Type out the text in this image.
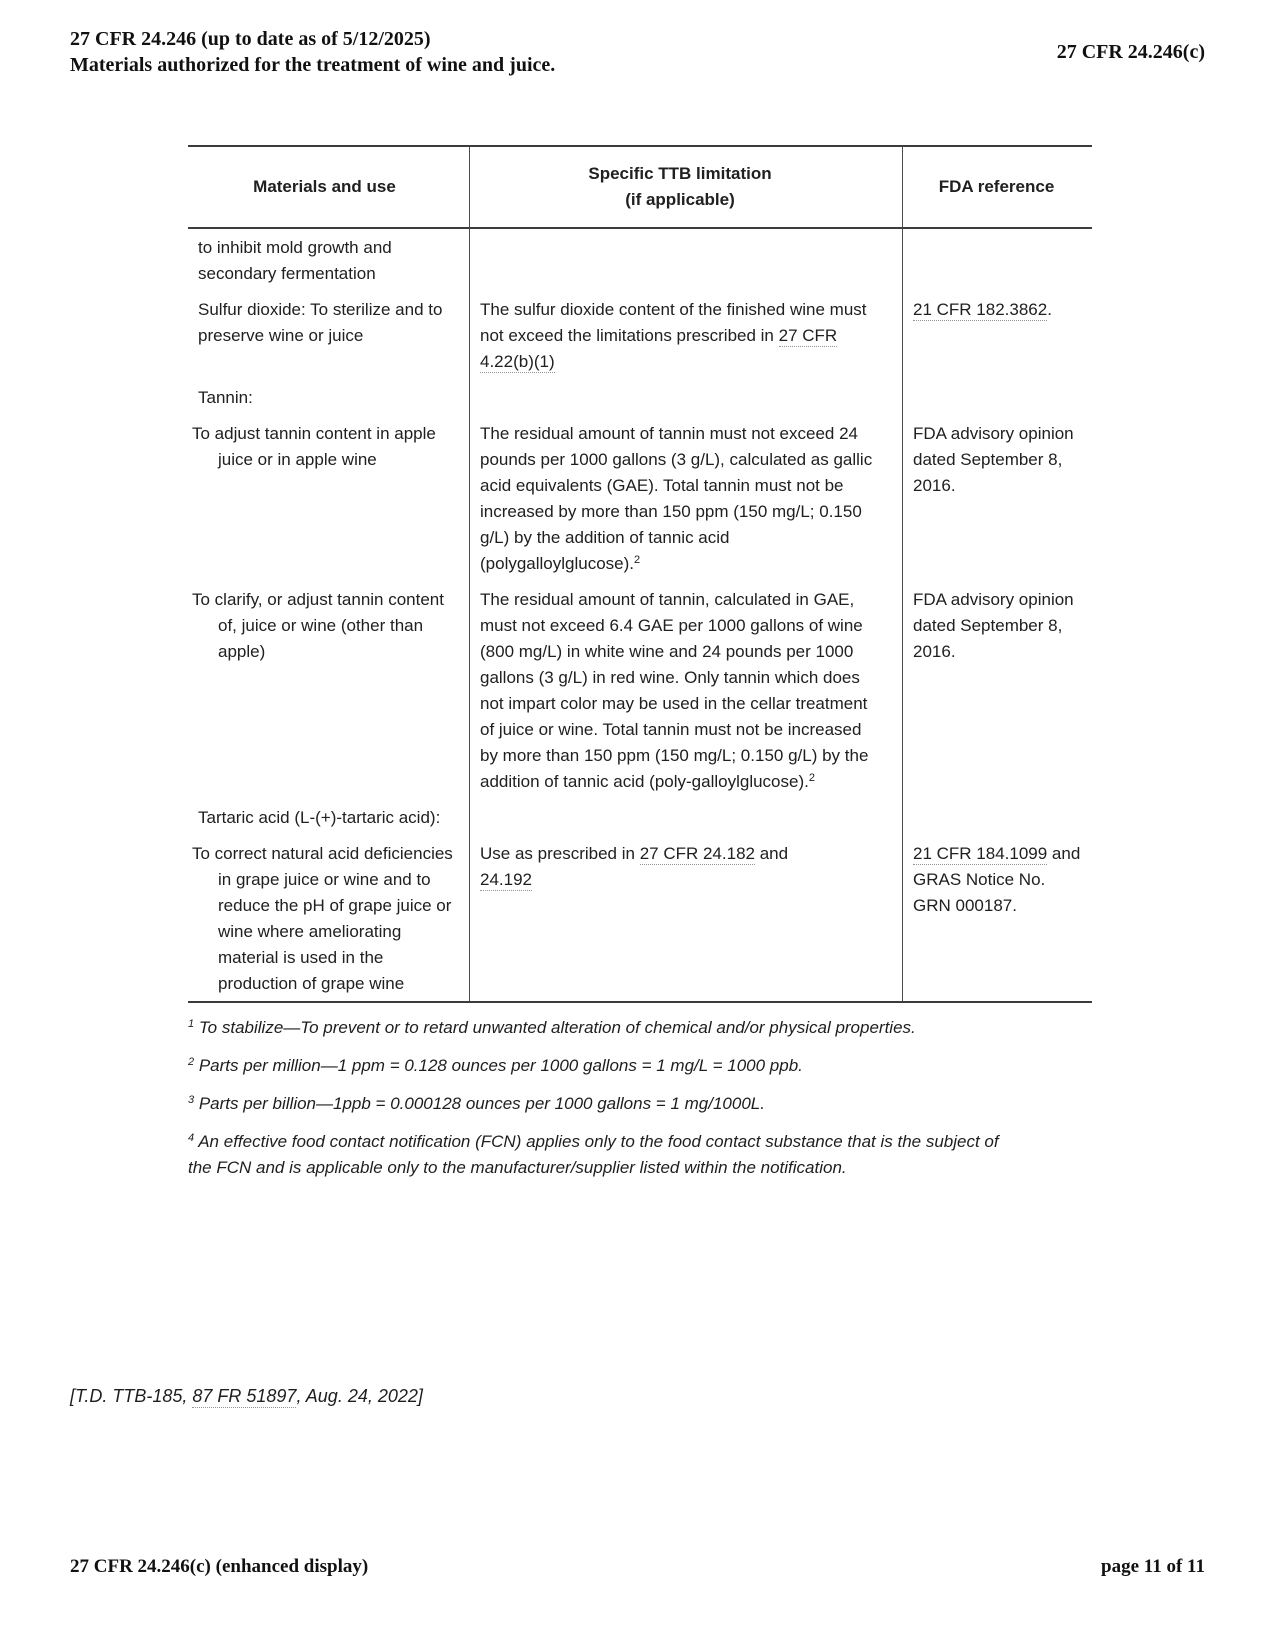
27 CFR 24.246 (up to date as of 5/12/2025)
Materials authorized for the treatment of wine and juice.
27 CFR 24.246(c)
Materials and use
Specific TTB limitation
(if applicable)
FDA reference
to inhibit mold growth and secondary fermentation
Sulfur dioxide: To sterilize and to preserve wine or juice
The sulfur dioxide content of the finished wine must not exceed the limitations prescribed in 27 CFR 4.22(b)(1)
21 CFR 182.3862.
Tannin:
To adjust tannin content in apple juice or in apple wine
The residual amount of tannin must not exceed 24 pounds per 1000 gallons (3 g/L), calculated as gallic acid equivalents (GAE). Total tannin must not be increased by more than 150 ppm (150 mg/L; 0.150 g/L) by the addition of tannic acid (polygalloylglucose).$^2$
FDA advisory opinion dated September 8, 2016.
To clarify, or adjust tannin content of, juice or wine (other than apple)
The residual amount of tannin, calculated in GAE, must not exceed 6.4 GAE per 1000 gallons of wine (800 mg/L) in white wine and 24 pounds per 1000 gallons (3 g/L) in red wine. Only tannin which does not impart color may be used in the cellar treatment of juice or wine. Total tannin must not be increased by more than 150 ppm (150 mg/L; 0.150 g/L) by the addition of tannic acid (poly-galloylglucose).$^2$
FDA advisory opinion dated September 8, 2016.
Tartaric acid (L-(+)-tartaric acid):
To correct natural acid deficiencies in grape juice or wine and to reduce the pH of grape juice or wine where ameliorating material is used in the production of grape wine
Use as prescribed in 27 CFR 24.182 and
24.192
21 CFR 184.1099 and GRAS Notice No. GRN 000187.
$^1$ To stabilize—To prevent or to retard unwanted alteration of chemical and/or physical properties.
$^2$ Parts per million—1 ppm = 0.128 ounces per 1000 gallons = 1 mg/L = 1000 ppb.
$^3$ Parts per billion—1ppb = 0.000128 ounces per 1000 gallons = 1 mg/1000L.
$^4$ An effective food contact notification (FCN) applies only to the food contact substance that is the subject of the FCN and is applicable only to the manufacturer/supplier listed within the notification.
[T.D. TTB-185, 87 FR 51897, Aug. 24, 2022]
27 CFR 24.246(c) (enhanced display)	page 11 of 11
